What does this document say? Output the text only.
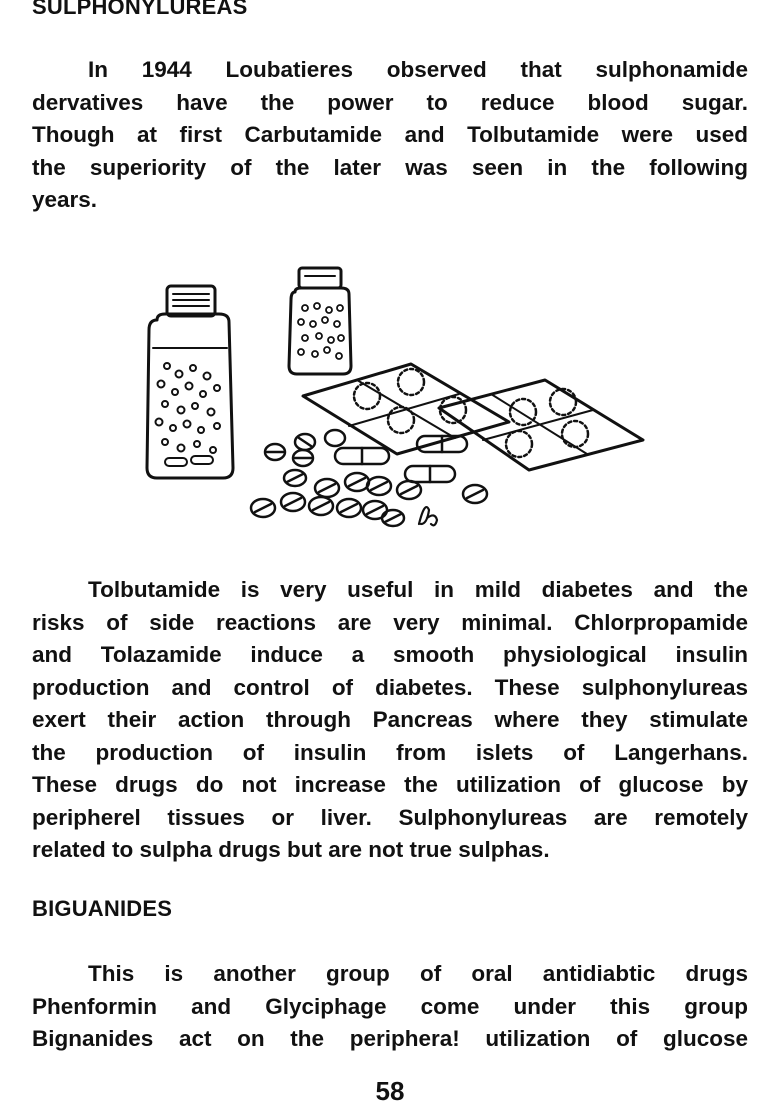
SULPHONYLUREAS
In 1944 Loubatieres observed that sulphonamide
dervatives have the power to reduce blood sugar.
Though at first Carbutamide and Tolbutamide were used
the superiority of the later was seen in the following
years.
Tolbutamide is very useful in mild diabetes and the
risks of side reactions are very minimal. Chlorpropamide
and Tolazamide induce a smooth physiological insulin
production and control of diabetes. These sulphonylureas
exert their action through Pancreas where they stimulate
the production of insulin from islets of Langerhans.
These drugs do not increase the utilization of glucose by
peripherel tissues or liver. Sulphonylureas are remotely
related to sulpha drugs but are not true sulphas.
BIGUANIDES
This is another group of oral antidiabtic drugs
Phenformin and Glyciphage come under this group
Bignanides act on the periphera! utilization of glucose
58
